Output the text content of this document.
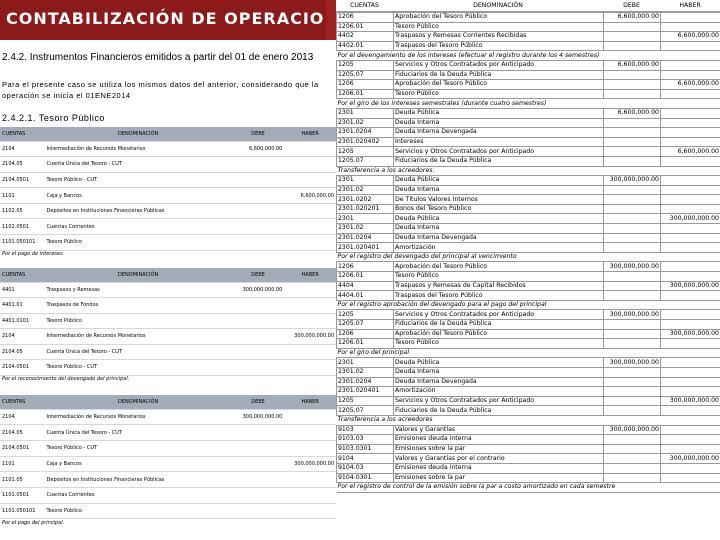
CONTABILIZACIÓN DE OPERACIO
2.4.2. Instrumentos Financieros emitidos a partir del 01 de enero 2013
Para el presente caso se utiliza los mismos datos del anterior, considerando que la operación se inicia el 01ENE2014
2.4.2.1. Tesoro Público
CUENTAS	DENOMINACIÓN	DEBE	HABER
2104	Intermediación de Recursos Monetarios	6,600,000.00	
2104.05	Cuenta Única del Tesoro - CUT		
2104.0501	Tesoro Público - CUT		
1101	Caja y Bancos		6,600,000.00
1101.05	Depósitos en Instituciones Financieras Públicas		
1101.0501	Cuentas Corrientes		
1101.050101	Tesoro Público		
Por el pago de intereses.
CUENTAS	DENOMINACIÓN	DEBE	HABER
4401	Traspasos y Remesas	300,000,000.00	
4401.01	Traspasos de Fondos		
4401.0101	Tesoro Público		
2104	Intermediación de Recursos Monetarios		300,000,000.00
2104.05	Cuenta Única del Tesoro - CUT		
2104.0501	Tesoro Público - CUT		
Por el reconocimiento del devengado del principal.
CUENTAS	DENOMINACIÓN	DEBE	HABER
2104	Intermediación de Recursos Monetarios	300,000,000.00	
2104.05	Cuenta Única del Tesoro - CUT		
2104.0501	Tesoro Público - CUT		
1101	Caja y Bancos		300,000,000.00
1101.05	Depósitos en Instituciones Financieras Públicas		
1101.0501	Cuentas Corrientes		
1101.050101	Tesoro Público		
Por el pago del principal.
CUENTAS	DENOMINACIÓN	DEBE	HABER
1206	Aprobación del Tesoro Público	6,600,000.00	
1206.01	Tesoro Público		
4402	Traspasos y Remesas Corrientes Recibidas		6,600,000.00
4402.01	Traspasos del Tesoro Público		
Por el devengamiento de los intereses (efectuar el registro durante los 4 semestres)			
1205	Servicios y Otros Contratados por Anticipado	6,600,000.00	
1205.07	Fiduciarios de la Deuda Pública		
1206	Aprobación del Tesoro Público		6,600,000.00
1206.01	Tesoro Público		
Por el giro de los intereses semestrales (durante cuatro semestres)			
2301	Deuda Pública	6,600,000.00	
2301.02	Deuda Interna		
2301.0204	Deuda Interna Devengada		
2301.020402	Intereses		
1205	Servicios y Otros Contratados por Anticipado		6,600,000.00
1205.07	Fiduciarios de la Deuda Pública		
Transferencia a los acreedores.			
2301	Deuda Pública	300,000,000.00	
2301.02	Deuda Interna		
2301.0202	De Títulos Valores Internos		
2301.020201	Bonos del Tesoro Público		
2301	Deuda Pública		300,000,000.00
2301.02	Deuda Interna		
2301.0204	Deuda Interna Devengada		
2301.020401	Amortización		
Por el registro del devengado del principal al vencimiento			
1206	Aprobación del Tesoro Público	300,000,000.00	
1206.01	Tesoro Público		
4404	Traspasos y Remesas de Capital Recibidos		300,000,000.00
4404.01	Traspasos del Tesoro Público		
Por el registro aprobación del devengado para el pago del principal			
1205	Servicios y Otros Contratados por Anticipado	300,000,000.00	
1205.07	Fiduciarios de la Deuda Pública		
1206	Aprobación del Tesoro Público		300,000,000.00
1206.01	Tesoro Público		
Por el giro del principal			
2301	Deuda Pública	300,000,000.00	
2301.02	Deuda Interna		
2301.0204	Deuda Interna Devengada		
2301.020401	Amortización		
1205	Servicios y Otros Contratados por Anticipado		300,000,000.00
1205.07	Fiduciarios de la Deuda Pública		
Transferencia a los acreedores			
9103	Valores y Garantías	300,000,000.00	
9103.03	Emisiones deuda interna		
9103.0301	Emisiones sobre la par		
9104	Valores y Garantías por el contrario		300,000,000.00
9104.03	Emisiones deuda interna		
9104.0301	Emisiones sobre la par		
Por el registro de control de la emisión sobre la par a costo amortizado en cada semestre			
